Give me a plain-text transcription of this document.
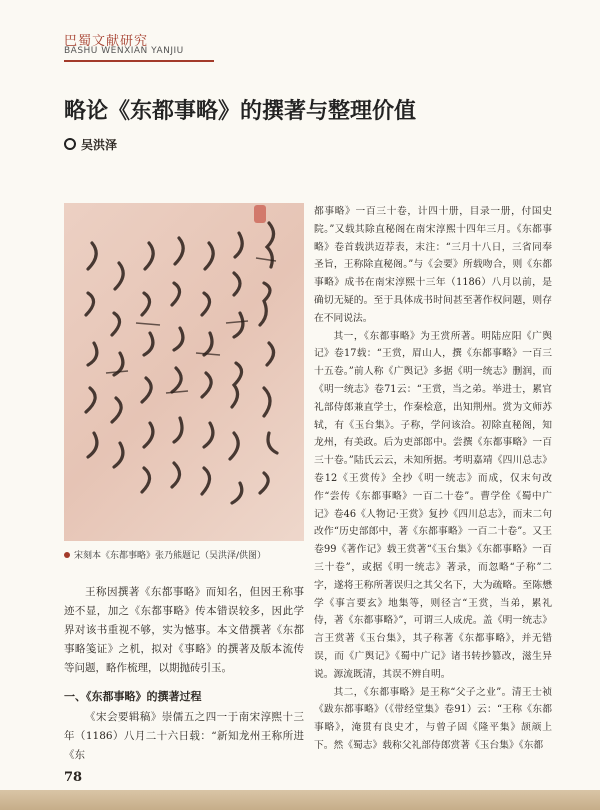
巴蜀文献研究
BASHU WENXIAN YANJIU
略论《东都事略》的撰著与整理价值
吴洪泽
宋刻本《东都事略》张乃熊题记（吴洪泽/供图）

王称因撰著《东都事略》而知名，但因王称事迹不显，加之《东都事略》传本错误较多，因此学界对该书重视不够，实为憾事。本文借撰著《东都事略笺证》之机，拟对《事略》的撰著及版本流传等问题，略作梳理，以期抛砖引玉。

一、《东都事略》的撰著过程

《宋会要辑稿》崇儒五之四一于南宋淳熙十三年（1186）八月二十六日载：“新知龙州王称所进《东

都事略》一百三十卷，计四十册，目录一册，付国史院。”又载其除直秘阁在南宋淳熙十四年三月。《东都事略》卷首载洪迈荐表，末注：“三月十八日，三省同奉圣旨，王称除直秘阁。”与《会要》所载吻合，则《东都事略》成书在南宋淳熙十三年（1186）八月以前，是确切无疑的。至于具体成书时间甚至著作权问题，则存在不同说法。

其一，《东都事略》为王赏所著。明陆应阳《广舆记》卷17载：“王赏，眉山人，撰《东都事略》一百三十五卷。”前人称《广舆记》多据《明一统志》删润，而《明一统志》卷71云：“王赏，当之弟。举进士，累官礼部侍郎兼直学士，作秦桧意，出知荆州。赏为文师苏轼，有《玉台集》。子称，学问该洽。初除直秘阁，知龙州，有美政。后为吏部郎中。尝撰《东都事略》一百三十卷。”陆氏云云，未知所据。考明嘉靖《四川总志》卷12《王赏传》全抄《明一统志》而成，仅末句改作“尝传《东都事略》一百二十卷”。曹学佺《蜀中广记》卷46《人物记·王赏》复抄《四川总志》，而末二句改作“历史部郎中，著《东都事略》一百二十卷”。又王卷99《著作记》载王赏著“《玉台集》《东都事略》一百三十卷”，或据《明一统志》著录，而忽略“子称”二字，遂将王称所著误归之其父名下，大为疏略。至陈懋学《事言要玄》地集等，则径言“王赏，当弟，累礼侍，著《东都事略》”，可谓三人成虎。盖《明一统志》言王赏著《玉台集》，其子称著《东都事略》，并无错误，而《广舆记》《蜀中广记》诸书转抄篡改，滋生异说。源流既清，其误不辨自明。

其二，《东都事略》是王称“父子之业”。清王士祯《跋东都事略》（《带经堂集》卷91）云：“王称《东都事略》，淹贯有良史才，与曾子固《隆平集》颉颃上下。然《蜀志》载称父礼部侍郎赏著《玉台集》《东都

78
